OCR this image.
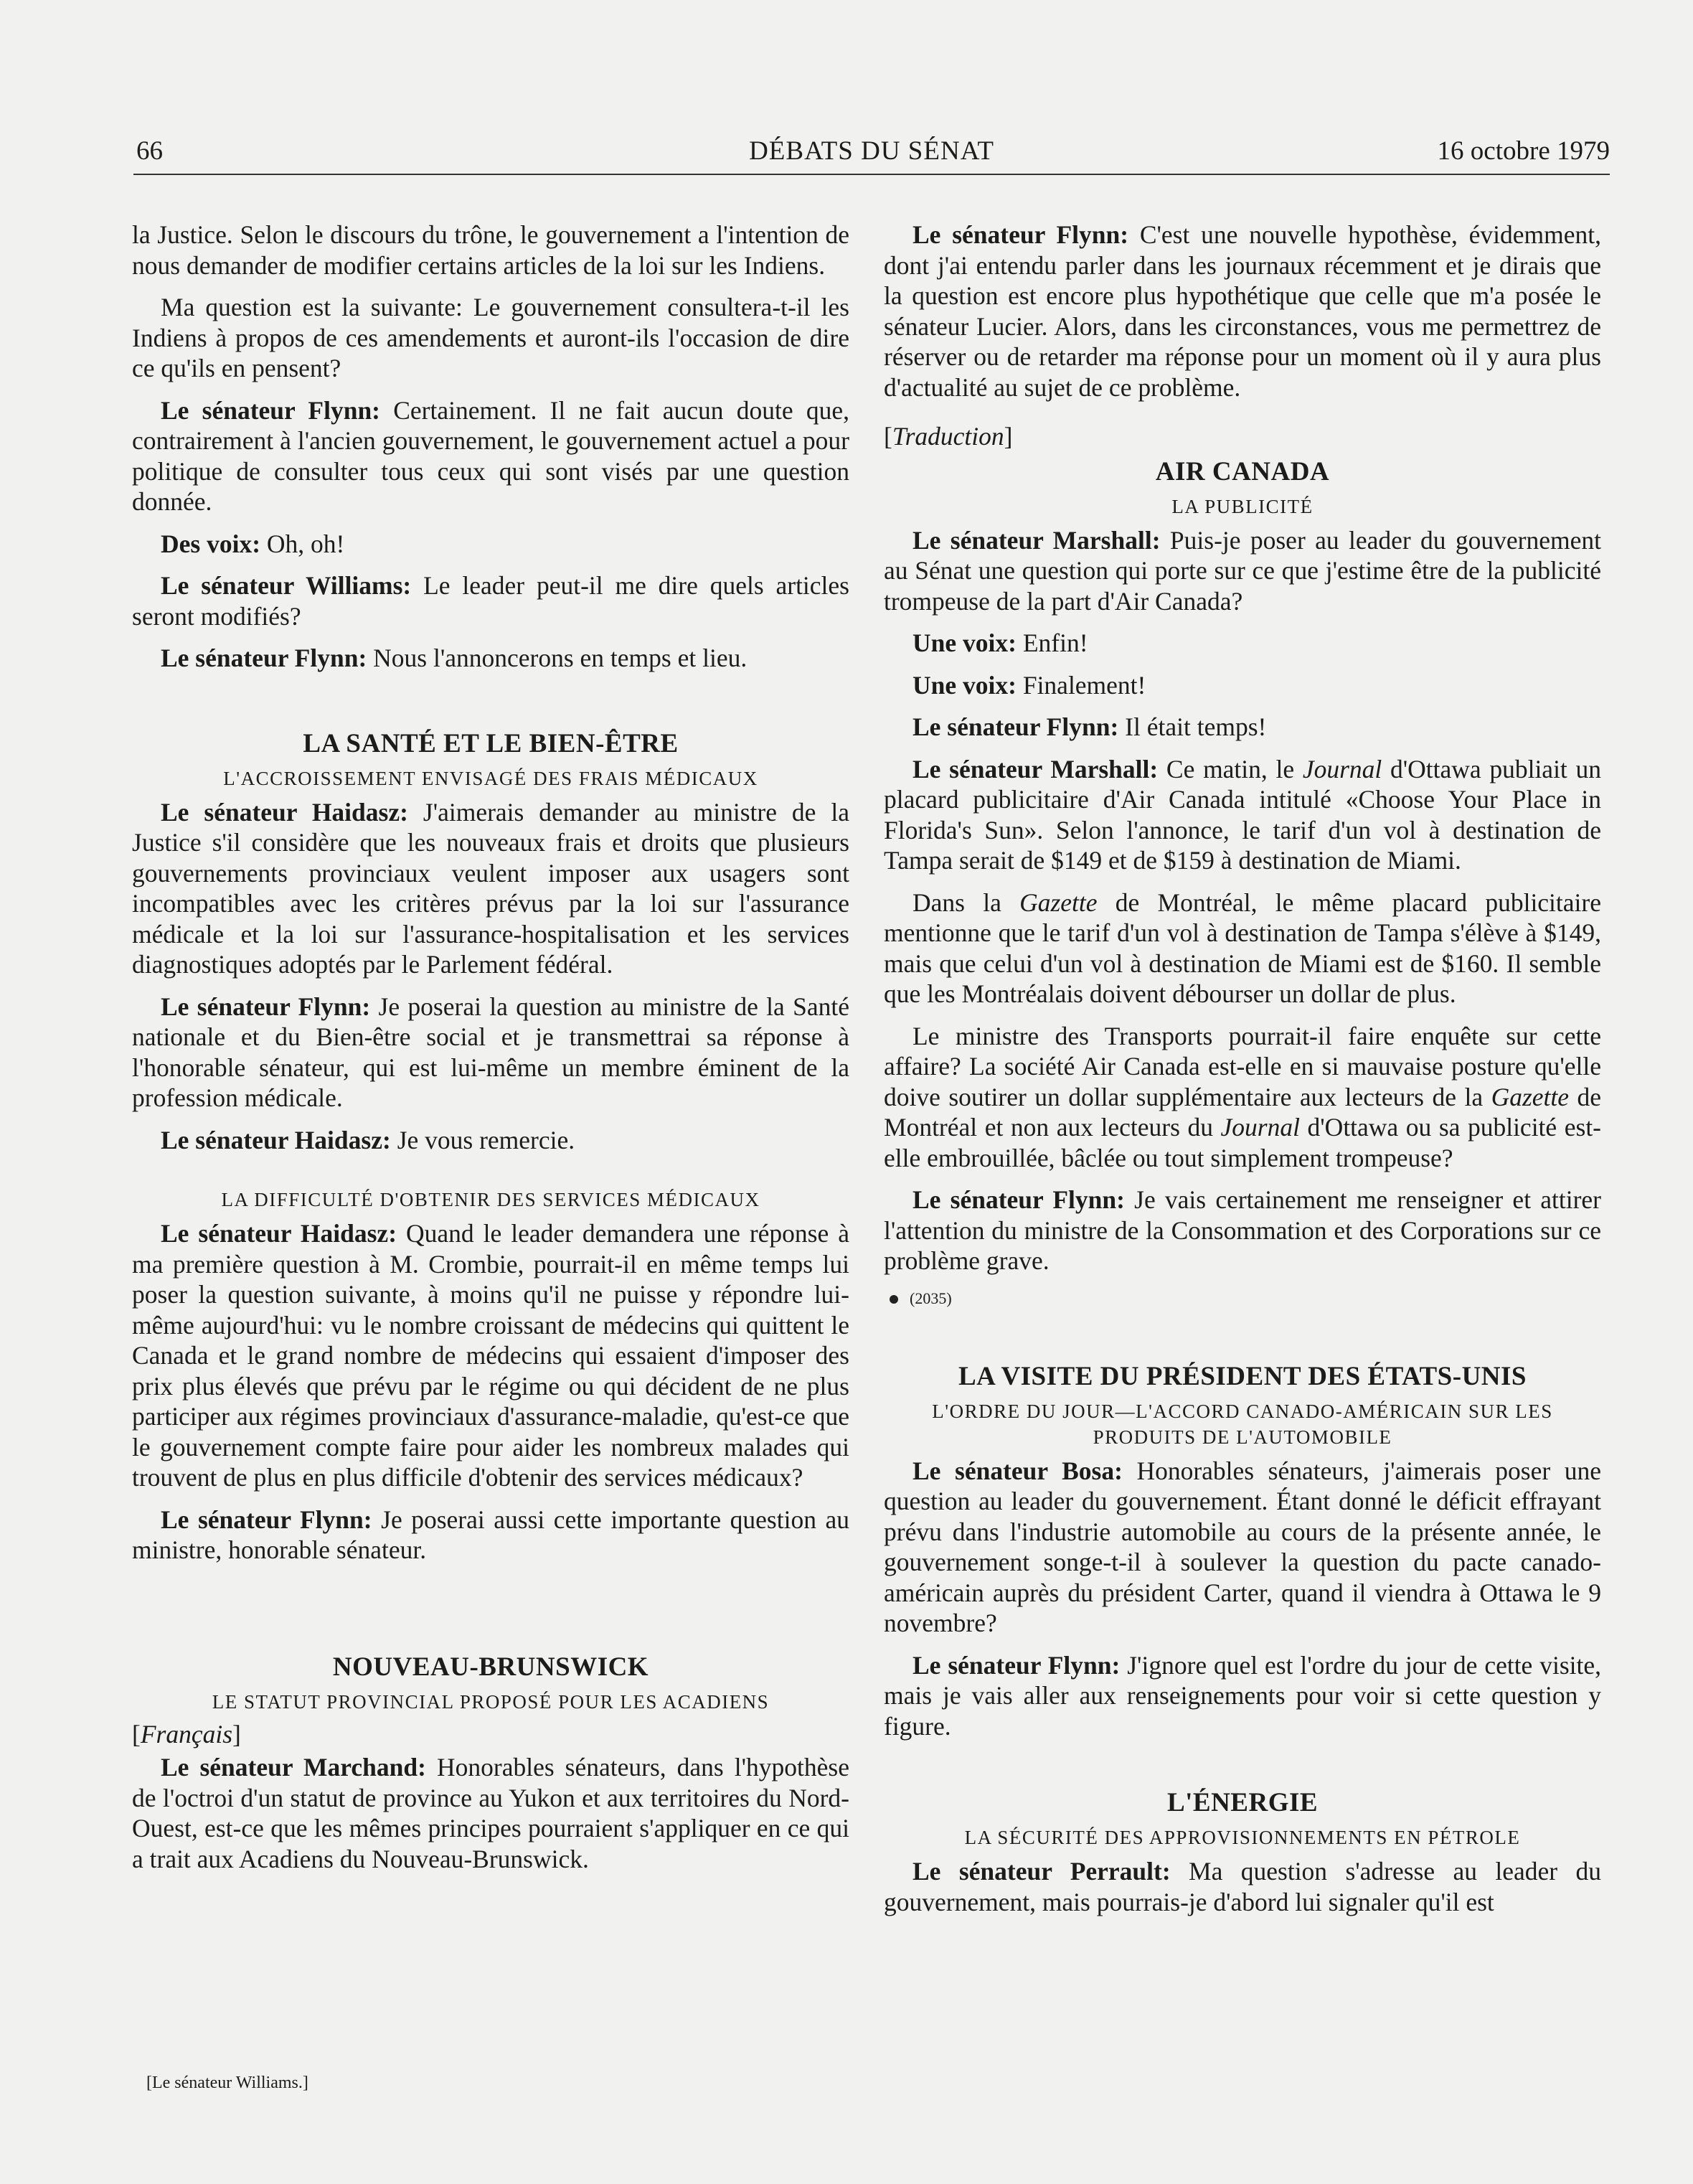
66	DÉBATS DU SÉNAT	16 octobre 1979

la Justice. Selon le discours du trône, le gouvernement a l'intention de nous demander de modifier certains articles de la loi sur les Indiens.

Ma question est la suivante: Le gouvernement consultera-t-il les Indiens à propos de ces amendements et auront-ils l'occasion de dire ce qu'ils en pensent?

Le sénateur Flynn: Certainement. Il ne fait aucun doute que, contrairement à l'ancien gouvernement, le gouvernement actuel a pour politique de consulter tous ceux qui sont visés par une question donnée.

Des voix: Oh, oh!

Le sénateur Williams: Le leader peut-il me dire quels articles seront modifiés?

Le sénateur Flynn: Nous l'annoncerons en temps et lieu.

LA SANTÉ ET LE BIEN-ÊTRE
L'ACCROISSEMENT ENVISAGÉ DES FRAIS MÉDICAUX

Le sénateur Haidasz: J'aimerais demander au ministre de la Justice s'il considère que les nouveaux frais et droits que plusieurs gouvernements provinciaux veulent imposer aux usagers sont incompatibles avec les critères prévus par la loi sur l'assurance médicale et la loi sur l'assurance-hospitalisation et les services diagnostiques adoptés par le Parlement fédéral.

Le sénateur Flynn: Je poserai la question au ministre de la Santé nationale et du Bien-être social et je transmettrai sa réponse à l'honorable sénateur, qui est lui-même un membre éminent de la profession médicale.

Le sénateur Haidasz: Je vous remercie.

LA DIFFICULTÉ D'OBTENIR DES SERVICES MÉDICAUX

Le sénateur Haidasz: Quand le leader demandera une réponse à ma première question à M. Crombie, pourrait-il en même temps lui poser la question suivante, à moins qu'il ne puisse y répondre lui-même aujourd'hui: vu le nombre croissant de médecins qui quittent le Canada et le grand nombre de médecins qui essaient d'imposer des prix plus élevés que prévu par le régime ou qui décident de ne plus participer aux régimes provinciaux d'assurance-maladie, qu'est-ce que le gouvernement compte faire pour aider les nombreux malades qui trouvent de plus en plus difficile d'obtenir des services médicaux?

Le sénateur Flynn: Je poserai aussi cette importante question au ministre, honorable sénateur.

NOUVEAU-BRUNSWICK
LE STATUT PROVINCIAL PROPOSÉ POUR LES ACADIENS

[Français]

Le sénateur Marchand: Honorables sénateurs, dans l'hypothèse de l'octroi d'un statut de province au Yukon et aux territoires du Nord-Ouest, est-ce que les mêmes principes pourraient s'appliquer en ce qui a trait aux Acadiens du Nouveau-Brunswick.

Le sénateur Flynn: C'est une nouvelle hypothèse, évidemment, dont j'ai entendu parler dans les journaux récemment et je dirais que la question est encore plus hypothétique que celle que m'a posée le sénateur Lucier. Alors, dans les circonstances, vous me permettrez de réserver ou de retarder ma réponse pour un moment où il y aura plus d'actualité au sujet de ce problème.

[Traduction]

AIR CANADA
LA PUBLICITÉ

Le sénateur Marshall: Puis-je poser au leader du gouvernement au Sénat une question qui porte sur ce que j'estime être de la publicité trompeuse de la part d'Air Canada?

Une voix: Enfin!

Une voix: Finalement!

Le sénateur Flynn: Il était temps!

Le sénateur Marshall: Ce matin, le Journal d'Ottawa publiait un placard publicitaire d'Air Canada intitulé «Choose Your Place in Florida's Sun». Selon l'annonce, le tarif d'un vol à destination de Tampa serait de $149 et de $159 à destination de Miami.

Dans la Gazette de Montréal, le même placard publicitaire mentionne que le tarif d'un vol à destination de Tampa s'élève à $149, mais que celui d'un vol à destination de Miami est de $160. Il semble que les Montréalais doivent débourser un dollar de plus.

Le ministre des Transports pourrait-il faire enquête sur cette affaire? La société Air Canada est-elle en si mauvaise posture qu'elle doive soutirer un dollar supplémentaire aux lecteurs de la Gazette de Montréal et non aux lecteurs du Journal d'Ottawa ou sa publicité est-elle embrouillée, bâclée ou tout simplement trompeuse?

Le sénateur Flynn: Je vais certainement me renseigner et attirer l'attention du ministre de la Consommation et des Corporations sur ce problème grave.

(2035)
LA VISITE DU PRÉSIDENT DES ÉTATS-UNIS
L'ORDRE DU JOUR—L'ACCORD CANADO-AMÉRICAIN SUR LES
PRODUITS DE L'AUTOMOBILE

Le sénateur Bosa: Honorables sénateurs, j'aimerais poser une question au leader du gouvernement. Étant donné le déficit effrayant prévu dans l'industrie automobile au cours de la présente année, le gouvernement songe-t-il à soulever la question du pacte canado-américain auprès du président Carter, quand il viendra à Ottawa le 9 novembre?

Le sénateur Flynn: J'ignore quel est l'ordre du jour de cette visite, mais je vais aller aux renseignements pour voir si cette question y figure.

L'ÉNERGIE
LA SÉCURITÉ DES APPROVISIONNEMENTS EN PÉTROLE

Le sénateur Perrault: Ma question s'adresse au leader du gouvernement, mais pourrais-je d'abord lui signaler qu'il est

[Le sénateur Williams.]
